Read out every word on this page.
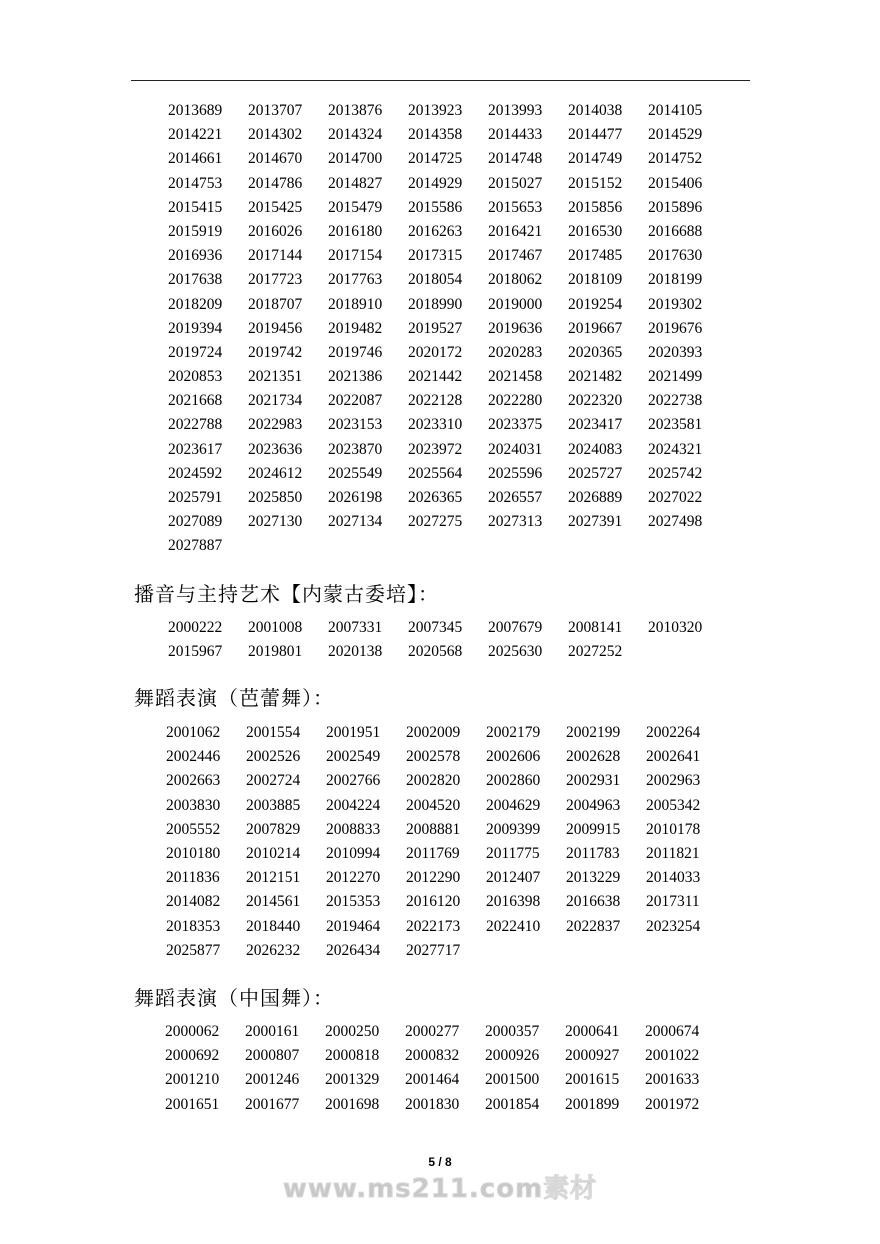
2013689	2013707	2013876	2013923	2013993	2014038	2014105
2014221	2014302	2014324	2014358	2014433	2014477	2014529
2014661	2014670	2014700	2014725	2014748	2014749	2014752
2014753	2014786	2014827	2014929	2015027	2015152	2015406
2015415	2015425	2015479	2015586	2015653	2015856	2015896
2015919	2016026	2016180	2016263	2016421	2016530	2016688
2016936	2017144	2017154	2017315	2017467	2017485	2017630
2017638	2017723	2017763	2018054	2018062	2018109	2018199
2018209	2018707	2018910	2018990	2019000	2019254	2019302
2019394	2019456	2019482	2019527	2019636	2019667	2019676
2019724	2019742	2019746	2020172	2020283	2020365	2020393
2020853	2021351	2021386	2021442	2021458	2021482	2021499
2021668	2021734	2022087	2022128	2022280	2022320	2022738
2022788	2022983	2023153	2023310	2023375	2023417	2023581
2023617	2023636	2023870	2023972	2024031	2024083	2024321
2024592	2024612	2025549	2025564	2025596	2025727	2025742
2025791	2025850	2026198	2026365	2026557	2026889	2027022
2027089	2027130	2027134	2027275	2027313	2027391	2027498
2027887
播音与主持艺术【内蒙古委培】：
2000222	2001008	2007331	2007345	2007679	2008141	2010320
2015967	2019801	2020138	2020568	2025630	2027252
舞蹈表演（芭蕾舞）：
2001062	2001554	2001951	2002009	2002179	2002199	2002264
2002446	2002526	2002549	2002578	2002606	2002628	2002641
2002663	2002724	2002766	2002820	2002860	2002931	2002963
2003830	2003885	2004224	2004520	2004629	2004963	2005342
2005552	2007829	2008833	2008881	2009399	2009915	2010178
2010180	2010214	2010994	2011769	2011775	2011783	2011821
2011836	2012151	2012270	2012290	2012407	2013229	2014033
2014082	2014561	2015353	2016120	2016398	2016638	2017311
2018353	2018440	2019464	2022173	2022410	2022837	2023254
2025877	2026232	2026434	2027717
舞蹈表演（中国舞）：
2000062	2000161	2000250	2000277	2000357	2000641	2000674
2000692	2000807	2000818	2000832	2000926	2000927	2001022
2001210	2001246	2001329	2001464	2001500	2001615	2001633
2001651	2001677	2001698	2001830	2001854	2001899	2001972
5 / 8
www.ms211.com素材
